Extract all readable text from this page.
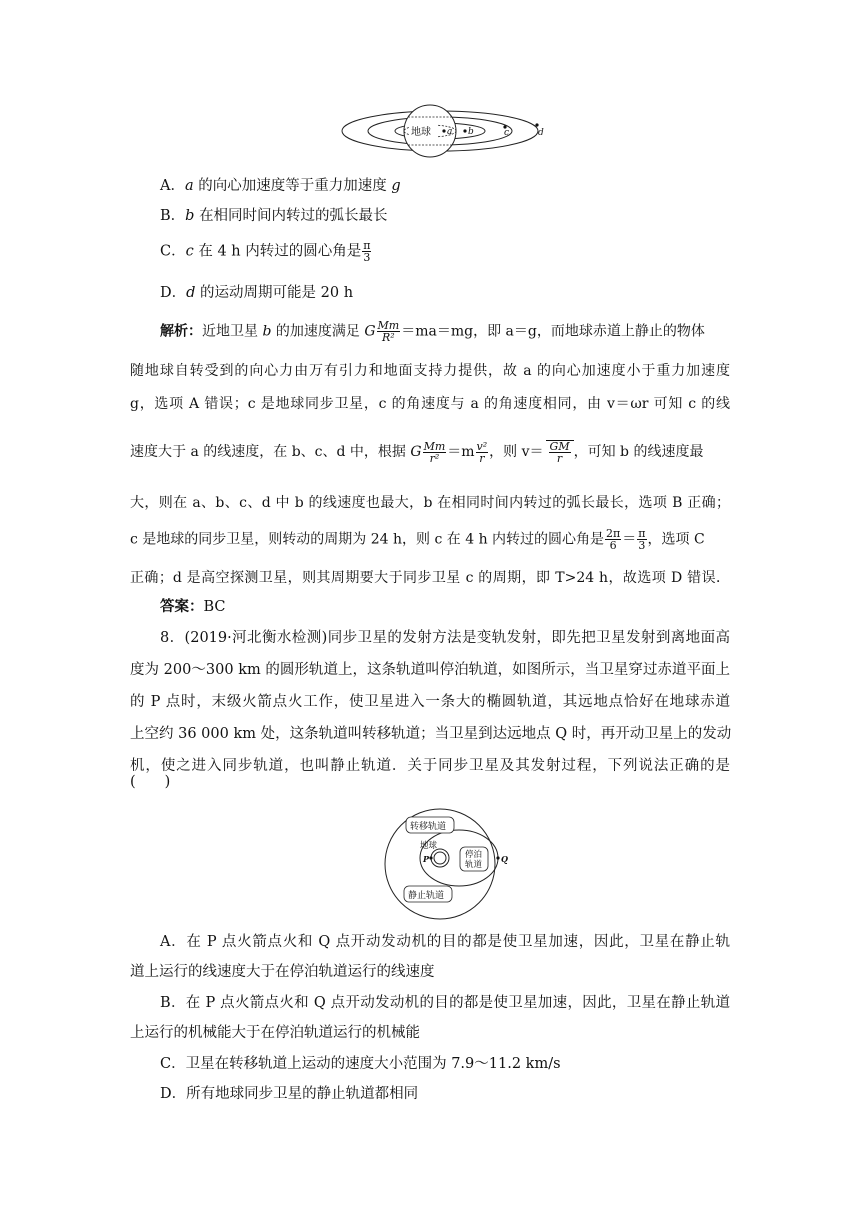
地球 a b	c	d
A．a 的向心加速度等于重力加速度 g
B．b 在相同时间内转过的弧长最长
C．c 在 4 h 内转过的圆心角是 $\frac{\pi}{3}$
D．d 的运动周期可能是 20 h
解析：近地卫星 b 的加速度满足 G $\frac{Mm}{\text{R²}} =ma=mg$，即 a＝g，而地球赤道上静止的物体
随地球自转受到的向心力由万有引力和地面支持力提供，故 a 的向心加速度小于重力加速度
g，选项 A 错误；c 是地球同步卫星，c 的角速度与 a 的角速度相同，由 v＝ωr 可知 c 的线
速度大于 a 的线速度，在 b、c、d 中，根据 G $\frac{Mm}{\text{r²}} =m \frac{\text{v²}}{r}$ ，则 $v= \frac{GM}{r}$ ，可知 b 的线速度最
大，则在 a、b、c、d 中 b 的线速度也最大，b 在相同时间内转过的弧长最长，选项 B 正确；
c 是地球的同步卫星，则转动的周期为 24 h，则 c 在 4 h 内转过的圆心角是 $\frac{2\pi}{6} = \frac{\pi}{3}$ ，选项 C
正确；d 是高空探测卫星，则其周期要大于同步卫星 c 的周期，即 T>24 h，故选项 D 错误．
答案：BC
8．(2019·河北衡水检测)同步卫星的发射方法是变轨发射，即先把卫星发射到离地面高
度为 200～300 km 的圆形轨道上，这条轨道叫停泊轨道，如图所示，当卫星穿过赤道平面上
的 P 点时，末级火箭点火工作，使卫星进入一条大的椭圆轨道，其远地点恰好在地球赤道
上空约 36 000 km 处，这条轨道叫转移轨道；当卫星到达远地点 Q 时，再开动卫星上的发动
机，使之进入同步轨道，也叫静止轨道．关于同步卫星及其发射过程，下列说法正确的是
(　　)
转移轨道
地球
P	Q
停泊
轨道
静止轨道
A．在 P 点火箭点火和 Q 点开动发动机的目的都是使卫星加速，因此，卫星在静止轨
道上运行的线速度大于在停泊轨道运行的线速度
B．在 P 点火箭点火和 Q 点开动发动机的目的都是使卫星加速，因此，卫星在静止轨道
上运行的机械能大于在停泊轨道运行的机械能
C．卫星在转移轨道上运动的速度大小范围为 7.9～11.2 km/s
D．所有地球同步卫星的静止轨道都相同
